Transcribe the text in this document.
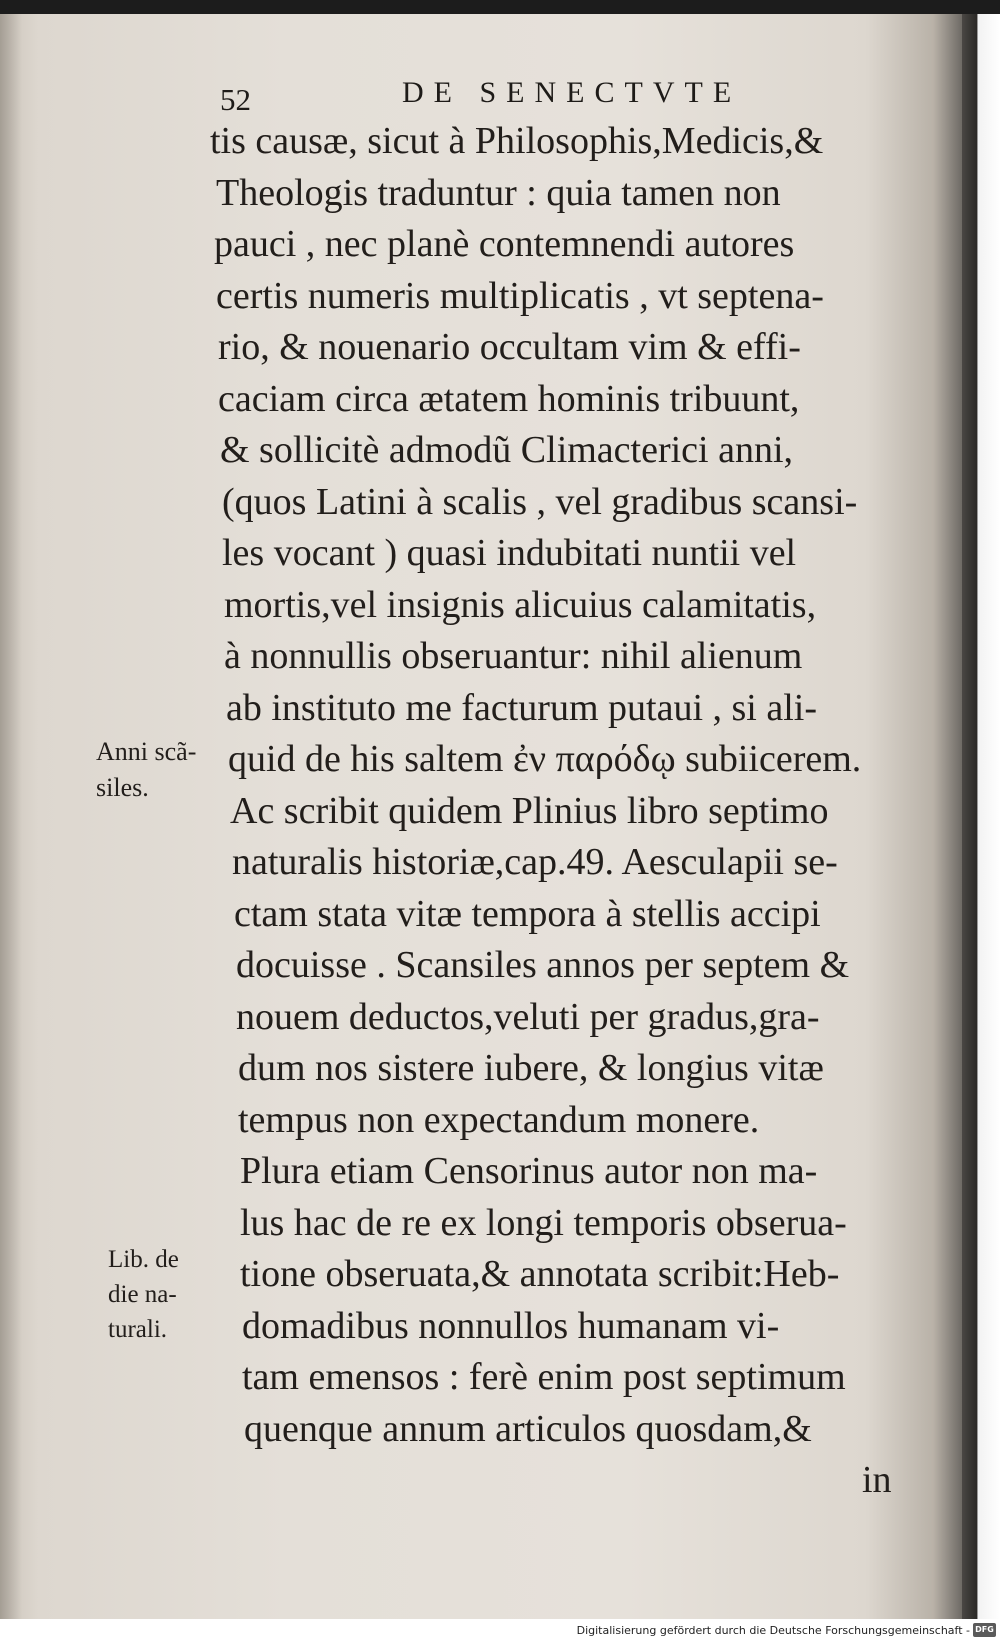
52	DE SENECTVTE
tis causæ, sicut à Philosophis,Medicis,&
Theologis traduntur : quia tamen non
pauci , nec planè contemnendi autores
certis numeris multiplicatis , vt septena-
rio, & nouenario occultam vim & effi-
caciam circa ætatem hominis tribuunt,
& sollicitè admodũ Climacterici anni,
(quos Latini à scalis , vel gradibus scansi-
les vocant ) quasi indubitati nuntii vel
mortis,vel insignis alicuius calamitatis,
à nonnullis obseruantur: nihil alienum
ab instituto me facturum putaui , si ali-
quid de his saltem ἐν παρόδῳ subiicerem.
Ac scribit quidem Plinius libro septimo
naturalis historiæ,cap.49. Aesculapii se-
ctam stata vitæ tempora à stellis accipi
docuisse . Scansiles annos per septem &
nouem deductos,veluti per gradus,gra-
dum nos sistere iubere, & longius vitæ
tempus non expectandum monere.
Plura etiam Censorinus autor non ma-
lus hac de re ex longi temporis obserua-
tione obseruata,& annotata scribit:Heb-
domadibus nonnullos humanam vi-
tam emensos : ferè enim post septimum
quenque annum articulos quosdam,&
in
Anni scã-
siles.
Lib. de
die na-
turali.
Digitalisierung gefördert durch die Deutsche Forschungsgemeinschaft - DFG
